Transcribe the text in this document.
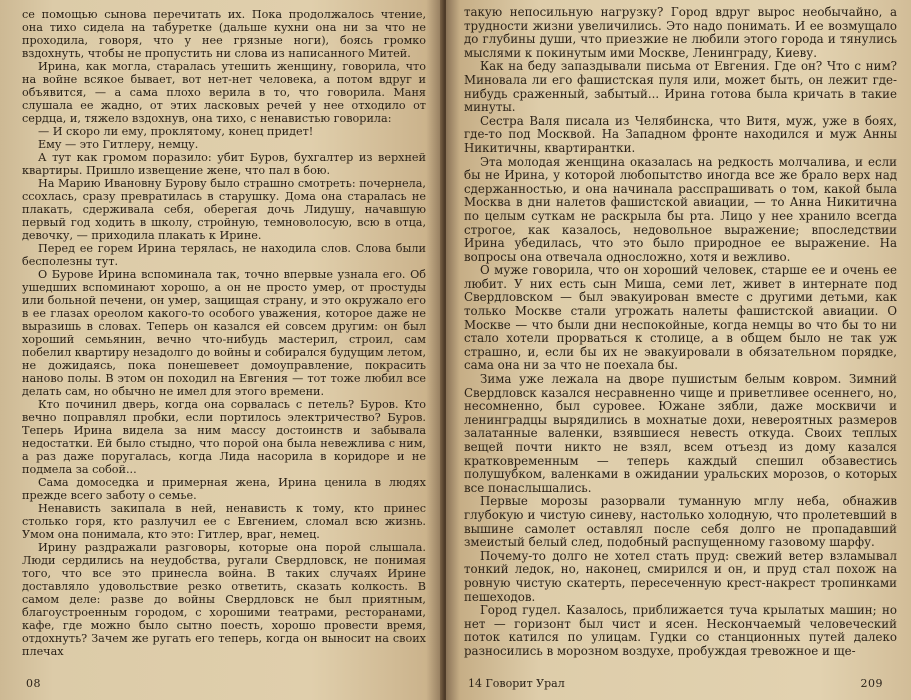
се помощью сынова перечитать их. Пока продолжалось чтение, она тихо сидела на табуретке (дальше кухни она ни за что не проходила, говоря, что у нее грязные ноги), боясь громко вздохнуть, чтобы не пропустить ни слова из написанного Митей.

Ирина, как могла, старалась утешить женщину, говорила, что на войне всякое бывает, вот нет-нет человека, а потом вдруг и объявится, — а сама плохо верила в то, что говорила. Маня слушала ее жадно, от этих ласковых речей у нее отходило от сердца, и, тяжело вздохнув, она тихо, с ненавистью говорила:

— И скоро ли ему, проклятому, конец придет!

Ему — это Гитлеру, немцу.

А тут как громом поразило: убит Буров, бухгалтер из верхней квартиры. Пришло извещение жене, что пал в бою.

На Марию Ивановну Бурову было страшно смотреть: почернела, ссохлась, сразу превратилась в старушку. Дома она старалась не плакать, сдерживала себя, оберегая дочь Лидушу, начавшую первый год ходить в школу, стройную, темноволосую, всю в отца, девочку, — приходила плакать к Ирине.

Перед ее горем Ирина терялась, не находила слов. Слова были бесполезны тут.

О Бурове Ирина вспоминала так, точно впервые узнала его. Об ушедших вспоминают хорошо, а он не просто умер, от простуды или больной печени, он умер, защищая страну, и это окружало его в ее глазах ореолом какого-то особого уважения, которое даже не выразишь в словах. Теперь он казался ей совсем другим: он был хороший семьянин, вечно что-нибудь мастерил, строил, сам побелил квартиру незадолго до войны и собирался будущим летом, не дожидаясь, пока понешевеет домоуправление, покрасить наново полы. В этом он походил на Евгения — тот тоже любил все делать сам, но обычно не имел для этого времени.

Кто починил дверь, когда она сорвалась с петель? Буров. Кто вечно поправлял пробки, если портилось электричество? Буров. Теперь Ирина видела за ним массу достоинств и забывала недостатки. Ей было стыдно, что порой она была невежлива с ним, а раз даже поругалась, когда Лида насорила в коридоре и не подмела за собой...

Сама домоседка и примерная жена, Ирина ценила в людях прежде всего заботу о семье.

Ненависть закипала в ней, ненависть к тому, кто принес столько горя, кто разлучил ее с Евгением, сломал всю жизнь. Умом она понимала, кто это: Гитлер, враг, немец.

Ирину раздражали разговоры, которые она порой слышала. Люди сердились на неудобства, ругали Свердловск, не понимая того, что все это принесла война. В таких случаях Ирине доставляло удовольствие резко ответить, сказать колкость. В самом деле: разве до войны Свердловск не был приятным, благоустроенным городом, с хорошими театрами, ресторанами, кафе, где можно было сытно поесть, хорошо провести время, отдохнуть? Зачем же ругать его теперь, когда он выносит на своих плечах

08

такую непосильную нагрузку? Город вдруг вырос необычайно, а трудности жизни увеличились. Это надо понимать. И ее возмущало до глубины души, что приезжие не любили этого города и тянулись мыслями к покинутым ими Москве, Ленинграду, Киеву.

Как на беду запаздывали письма от Евгения. Где он? Что с ним? Миновала ли его фашистская пуля или, может быть, он лежит где-нибудь сраженный, забытый... Ирина готова была кричать в такие минуты.

Сестра Валя писала из Челябинска, что Витя, муж, уже в боях, где-то под Москвой. На Западном фронте находился и муж Анны Никитичны, квартирантки.

Эта молодая женщина оказалась на редкость молчалива, и если бы не Ирина, у которой любопытство иногда все же брало верх над сдержанностью, и она начинала расспрашивать о том, какой была Москва в дни налетов фашистской авиации, — то Анна Никитична по целым суткам не раскрыла бы рта. Лицо у нее хранило всегда строгое, как казалось, недовольное выражение; впоследствии Ирина убедилась, что это было природное ее выражение. На вопросы она отвечала односложно, хотя и вежливо.

О муже говорила, что он хороший человек, старше ее и очень ее любит. У них есть сын Миша, семи лет, живет в интернате под Свердловском — был эвакуирован вместе с другими детьми, как только Москве стали угрожать налеты фашистской авиации. О Москве — что были дни неспокойные, когда немцы во что бы то ни стало хотели прорваться к столице, а в общем было не так уж страшно, и, если бы их не эвакуировали в обязательном порядке, сама она ни за что не поехала бы.

Зима уже лежала на дворе пушистым белым ковром. Зимний Свердловск казался несравненно чище и приветливее осеннего, но, несомненно, был суровее. Южане зябли, даже москвичи и ленинградцы вырядились в мохнатые дохи, невероятных размеров залатанные валенки, взявшиеся невесть откуда. Своих теплых вещей почти никто не взял, всем отъезд из дому казался кратковременным — теперь каждый спешил обзавестись полушубком, валенками в ожидании уральских морозов, о которых все понаслышались.

Первые морозы разорвали туманную мглу неба, обнажив глубокую и чистую синеву, настолько холодную, что пролетевший в вышине самолет оставлял после себя долго не пропадавший змеистый белый след, подобный распущенному газовому шарфу.

Почему-то долго не хотел стать пруд: свежий ветер взламывал тонкий ледок, но, наконец, смирился и он, и пруд стал похож на ровную чистую скатерть, пересеченную крест-накрест тропинками пешеходов.

Город гудел. Казалось, приближается туча крылатых машин; но нет — горизонт был чист и ясен. Нескончаемый человеческий поток катился по улицам. Гудки со станционных путей далеко разносились в морозном воздухе, пробуждая тревожное и ще-

14 Говорит Урал	209
